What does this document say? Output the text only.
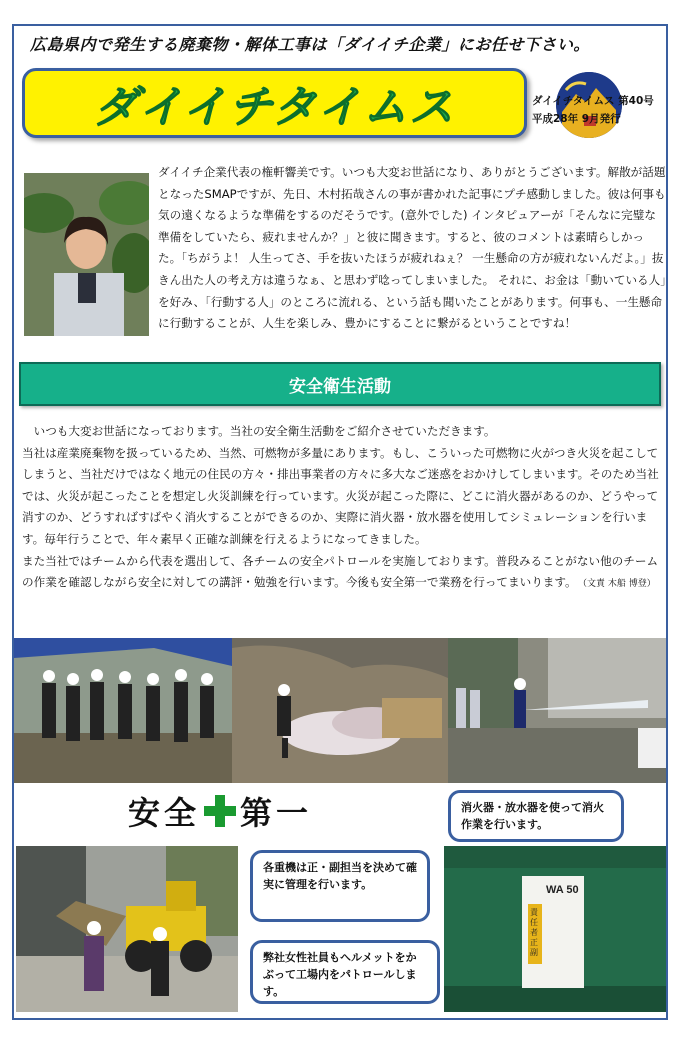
広島県内で発生する廃棄物・解体工事は「ダイイチ企業」にお任せ下さい。
ダイイチタイムス	ダイイチタイムス 第40号
平成28年 9月発行
ダイイチ企業代表の権軒響美です。いつも大変お世話になり、ありがとうございます。解散が話題となったSMAPですが、先日、木村拓哉さんの事が書かれた記事にプチ感動しました。彼は何事も気の遠くなるような準備をするのだそうです。(意外でした) インタピュアーが「そんなに完璧な準備をしていたら、疲れませんか？」と彼に聞きます。すると、彼のコメントは素晴らしかった。「ちがうよ！ 人生ってさ、手を抜いたほうが疲れねぇ？ 一生懸命の方が疲れないんだよ。」抜きん出た人の考え方は違うなぁ、と思わず唸ってしまいました。 それに、お金は「動いている人」を好み、「行動する人」のところに流れる、という話も聞いたことがあります。何事も、一生懸命に行動することが、人生を楽しみ、豊かにすることに繋がるということですね！
安全衛生活動
　いつも大変お世話になっております。当社の安全衛生活動をご紹介させていただきます。
当社は産業廃棄物を扱っているため、当然、可燃物が多量にあります。もし、こういった可燃物に火がつき火災を起こしてしまうと、当社だけではなく地元の住民の方々・排出事業者の方々に多大なご迷惑をおかけしてしまいます。そのため当社では、火災が起こったことを想定し火災訓練を行っています。火災が起こった際に、どこに消火器があるのか、どうやって消すのか、どうすればすばやく消火することができるのか、実際に消火器・放水器を使用してシミュレーションを行います。毎年行うことで、年々素早く正確な訓練を行えるようになってきました。
また当社ではチームから代表を選出して、各チームの安全パトロールを実施しております。普段みることがない他のチームの作業を確認しながら安全に対しての講評・勉強を行います。今後も安全第一で業務を行ってまいります。　 （文責 木船 博登）
安全 第一	消火器・放水器を使って消火作業を行います。
各重機は正・副担当を決めて確実に管理を行います。
弊社女性社員もヘルメットをかぶって工場内をパトロールします。
WA 50
責任者 正 副
